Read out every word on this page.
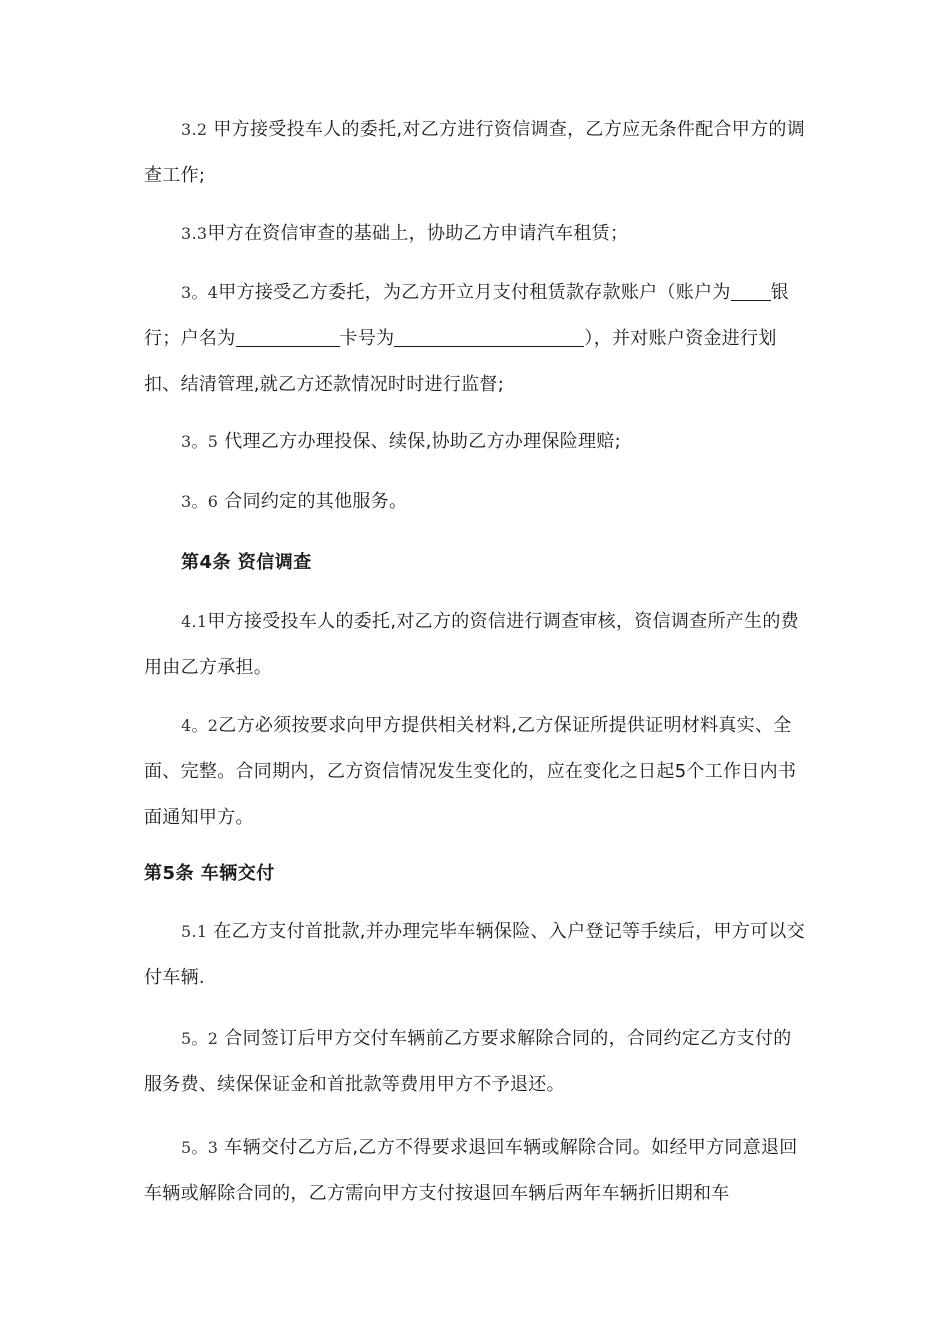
3.2 甲方接受投车人的委托,对乙方进行资信调查，乙方应无条件配合甲方的调查工作;

3.3甲方在资信审查的基础上，协助乙方申请汽车租赁；

3。4甲方接受乙方委托，为乙方开立月支付租赁款存款账户（账户为 银行；户名为	卡号为	），并对账户资金进行划扣、结清管理,就乙方还款情况时时进行监督;

3。5 代理乙方办理投保、续保,协助乙方办理保险理赔;

3。6 合同约定的其他服务。

第4条 资信调查

4.1甲方接受投车人的委托,对乙方的资信进行调查审核，资信调查所产生的费用由乙方承担。

4。2乙方必须按要求向甲方提供相关材料,乙方保证所提供证明材料真实、全面、完整。合同期内，乙方资信情况发生变化的，应在变化之日起5个工作日内书面通知甲方。

第5条 车辆交付

5.1 在乙方支付首批款,并办理完毕车辆保险、入户登记等手续后，甲方可以交付车辆.

5。2 合同签订后甲方交付车辆前乙方要求解除合同的，合同约定乙方支付的服务费、续保保证金和首批款等费用甲方不予退还。

5。3 车辆交付乙方后,乙方不得要求退回车辆或解除合同。如经甲方同意退回车辆或解除合同的，乙方需向甲方支付按退回车辆后两年车辆折旧期和车
